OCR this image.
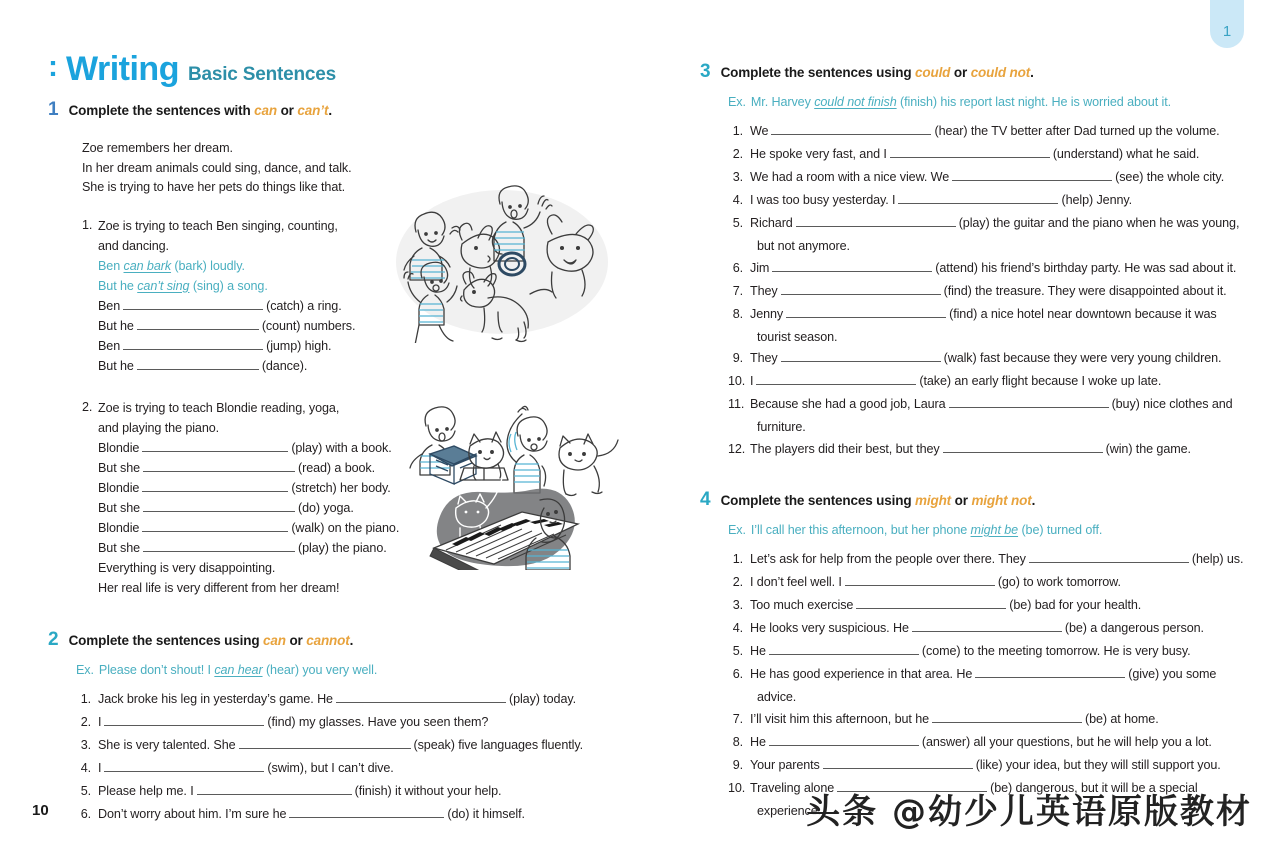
1
: Writing Basic Sentences
1 Complete the sentences with can or can’t.
Zoe remembers her dream.
In her dream animals could sing, dance, and talk.
She is trying to have her pets do things like that.
1. Zoe is trying to teach Ben singing, counting,
and dancing.
Ben can bark (bark) loudly.
But he can’t sing (sing) a song.
Ben	(catch) a ring.
But he	(count) numbers.
Ben	(jump) high.
But he	(dance).
2. Zoe is trying to teach Blondie reading, yoga,
and playing the piano.
Blondie	(play) with a book.
But she	(read) a book.
Blondie	(stretch) her body.
But she	(do) yoga.
Blondie	(walk) on the piano.
But she	(play) the piano.
Everything is very disappointing.
Her real life is very different from her dream!
2 Complete the sentences using can or cannot.
Ex. Please don’t shout! I can hear (hear) you very well.
1. Jack broke his leg in yesterday’s game. He	(play) today.
2. I	(find) my glasses. Have you seen them?
3. She is very talented. She	(speak) five languages fluently.
4. I	(swim), but I can’t dive.
5. Please help me. I	(finish) it without your help.
6. Don’t worry about him. I’m sure he	(do) it himself.
3 Complete the sentences using could or could not.
Ex. Mr. Harvey could not finish (finish) his report last night. He is worried about it.
1. We	(hear) the TV better after Dad turned up the volume.
2. He spoke very fast, and I	(understand) what he said.
3. We had a room with a nice view. We	(see) the whole city.
4. I was too busy yesterday. I	(help) Jenny.
5. Richard	(play) the guitar and the piano when he was young,
but not anymore.
6. Jim	(attend) his friend’s birthday party. He was sad about it.
7. They	(find) the treasure. They were disappointed about it.
8. Jenny	(find) a nice hotel near downtown because it was
tourist season.
9. They	(walk) fast because they were very young children.
10. I	(take) an early flight because I woke up late.
11. Because she had a good job, Laura	(buy) nice clothes and
furniture.
12. The players did their best, but they	(win) the game.
4 Complete the sentences using might or might not.
Ex. I’ll call her this afternoon, but her phone might be (be) turned off.
1. Let’s ask for help from the people over there. They	(help) us.
2. I don’t feel well. I	(go) to work tomorrow.
3. Too much exercise	(be) bad for your health.
4. He looks very suspicious. He	(be) a dangerous person.
5. He	(come) to the meeting tomorrow. He is very busy.
6. He has good experience in that area. He	(give) you some
advice.
7. I’ll visit him this afternoon, but he	(be) at home.
8. He	(answer) all your questions, but he will help you a lot.
9. Your parents	(like) your idea, but they will still support you.
10. Traveling alone	(be) dangerous, but it will be a special
experience.
10	头条 @幼少儿英语原版教材
